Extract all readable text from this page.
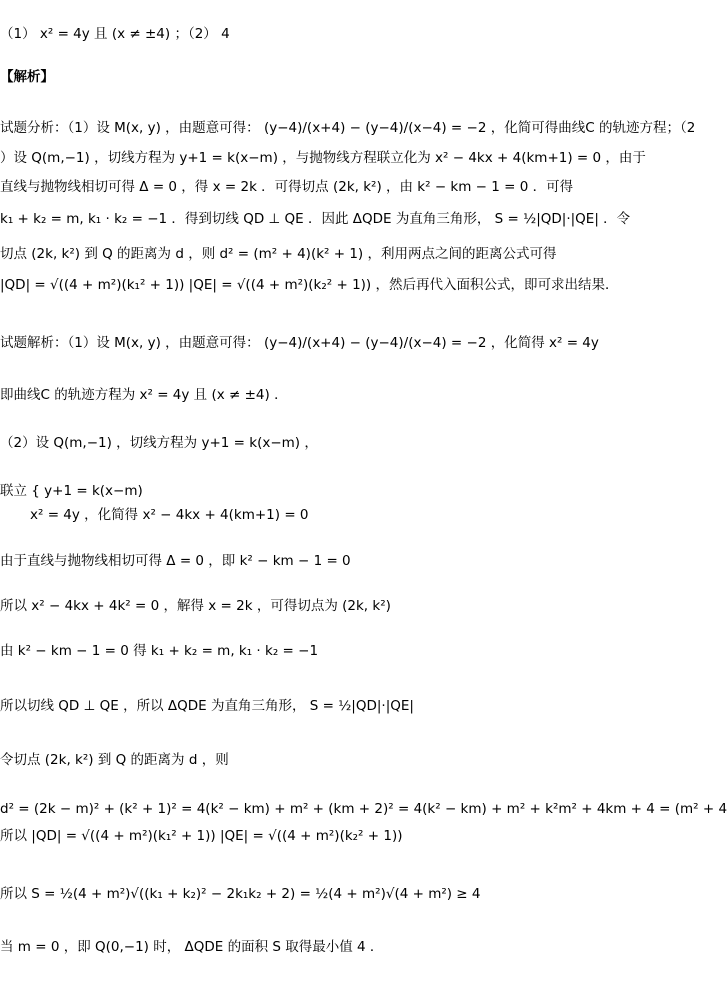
（1） x² = 4y 且 (x ≠ ±4) ；（2） 4
【解析】
试题分析：（1）设 M(x, y) ，由题意可得： (y−4)/(x+4) − (y−4)/(x−4) = −2 ，化简可得曲线C 的轨迹方程；（2
）设 Q(m,−1) ，切线方程为 y+1 = k(x−m) ，与抛物线方程联立化为 x² − 4kx + 4(km+1) = 0 ，由于
直线与抛物线相切可得 Δ = 0 ，得 x = 2k ．可得切点 (2k, k²) ，由 k² − km − 1 = 0 ．可得
k₁ + k₂ = m, k₁ · k₂ = −1 ．得到切线 QD ⊥ QE ．因此 ΔQDE 为直角三角形， S = ½|QD|·|QE| ．令
切点 (2k, k²) 到 Q 的距离为 d ，则 d² = (m² + 4)(k² + 1) ，利用两点之间的距离公式可得
|QD| = √((4 + m²)(k₁² + 1)) |QE| = √((4 + m²)(k₂² + 1)) ，然后再代入面积公式，即可求出结果．
试题解析：（1）设 M(x, y) ，由题意可得： (y−4)/(x+4) − (y−4)/(x−4) = −2 ，化简得 x² = 4y
即曲线C 的轨迹方程为 x² = 4y 且 (x ≠ ±4) ．
（2）设 Q(m,−1) ，切线方程为 y+1 = k(x−m) ，
联立 { y+1 = k(x−m)
x² = 4y ，化简得 x² − 4kx + 4(km+1) = 0
由于直线与抛物线相切可得 Δ = 0 ，即 k² − km − 1 = 0
所以 x² − 4kx + 4k² = 0 ，解得 x = 2k ，可得切点为 (2k, k²)
由 k² − km − 1 = 0 得 k₁ + k₂ = m, k₁ · k₂ = −1
所以切线 QD ⊥ QE ，所以 ΔQDE 为直角三角形， S = ½|QD|·|QE|
令切点 (2k, k²) 到 Q 的距离为 d ，则
d² = (2k − m)² + (k² + 1)² = 4(k² − km) + m² + (km + 2)² = 4(k² − km) + m² + k²m² + 4km + 4 = (m² + 4
所以 |QD| = √((4 + m²)(k₁² + 1)) |QE| = √((4 + m²)(k₂² + 1))
所以 S = ½(4 + m²)√((k₁ + k₂)² − 2k₁k₂ + 2) = ½(4 + m²)√(4 + m²) ≥ 4
当 m = 0 ，即 Q(0,−1) 时， ΔQDE 的面积 S 取得最小值 4 ．
